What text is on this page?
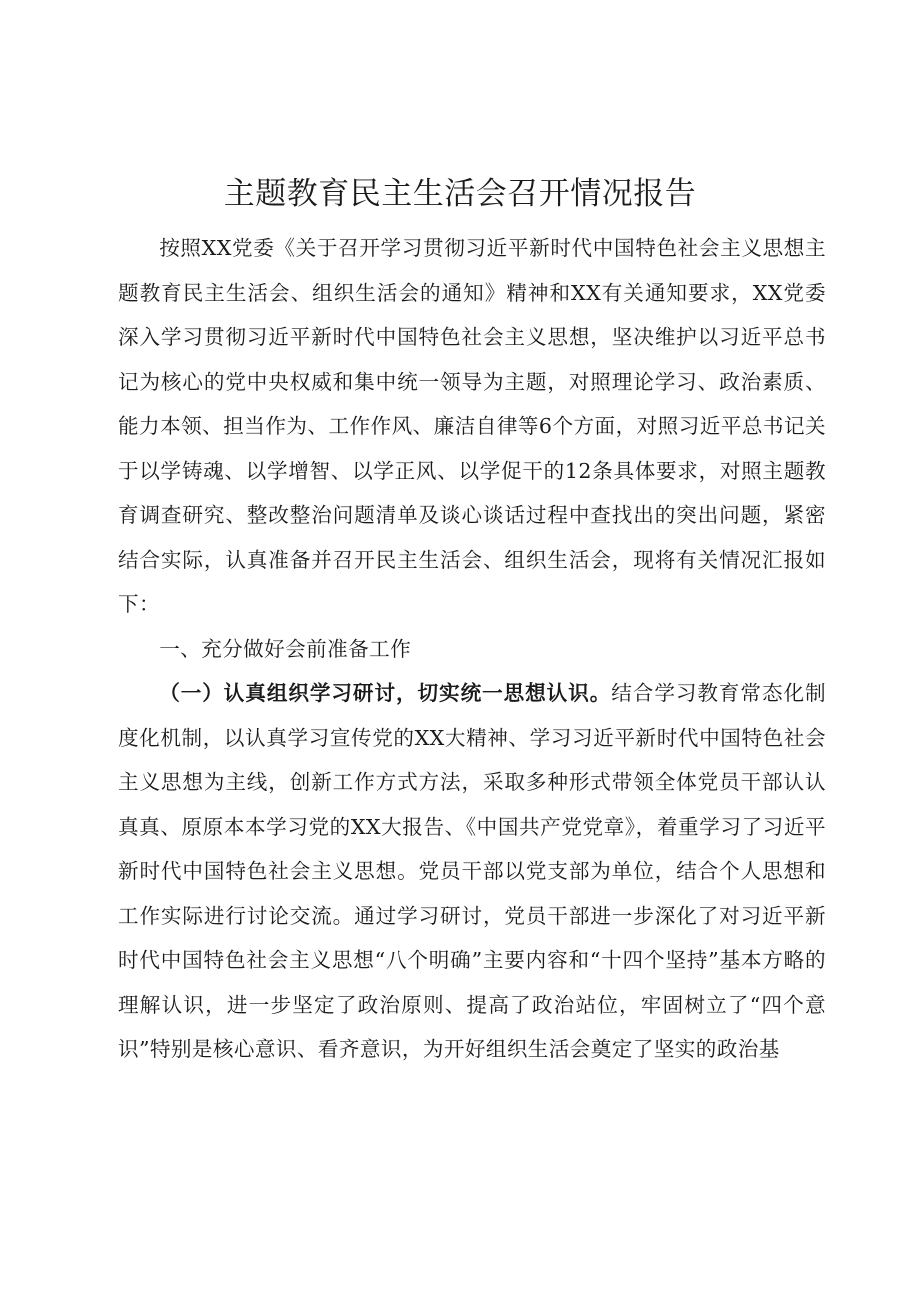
主题教育民主生活会召开情况报告

按照XX党委《关于召开学习贯彻习近平新时代中国特色社会主义思想主题教育民主生活会、组织生活会的通知》精神和XX有关通知要求，XX党委深入学习贯彻习近平新时代中国特色社会主义思想，坚决维护以习近平总书记为核心的党中央权威和集中统一领导为主题，对照理论学习、政治素质、能力本领、担当作为、工作作风、廉洁自律等6个方面，对照习近平总书记关于以学铸魂、以学增智、以学正风、以学促干的12条具体要求，对照主题教育调查研究、整改整治问题清单及谈心谈话过程中查找出的突出问题，紧密结合实际，认真准备并召开民主生活会、组织生活会，现将有关情况汇报如下：

一、充分做好会前准备工作

（一）认真组织学习研讨，切实统一思想认识。结合学习教育常态化制度化机制，以认真学习宣传党的XX大精神、学习习近平新时代中国特色社会主义思想为主线，创新工作方式方法，采取多种形式带领全体党员干部认认真真、原原本本学习党的XX大报告、《中国共产党党章》，着重学习了习近平新时代中国特色社会主义思想。党员干部以党支部为单位，结合个人思想和工作实际进行讨论交流。通过学习研讨，党员干部进一步深化了对习近平新时代中国特色社会主义思想“八个明确”主要内容和“十四个坚持”基本方略的理解认识，进一步坚定了政治原则、提高了政治站位，牢固树立了“四个意识”特别是核心意识、看齐意识，为开好组织生活会奠定了坚实的政治基
